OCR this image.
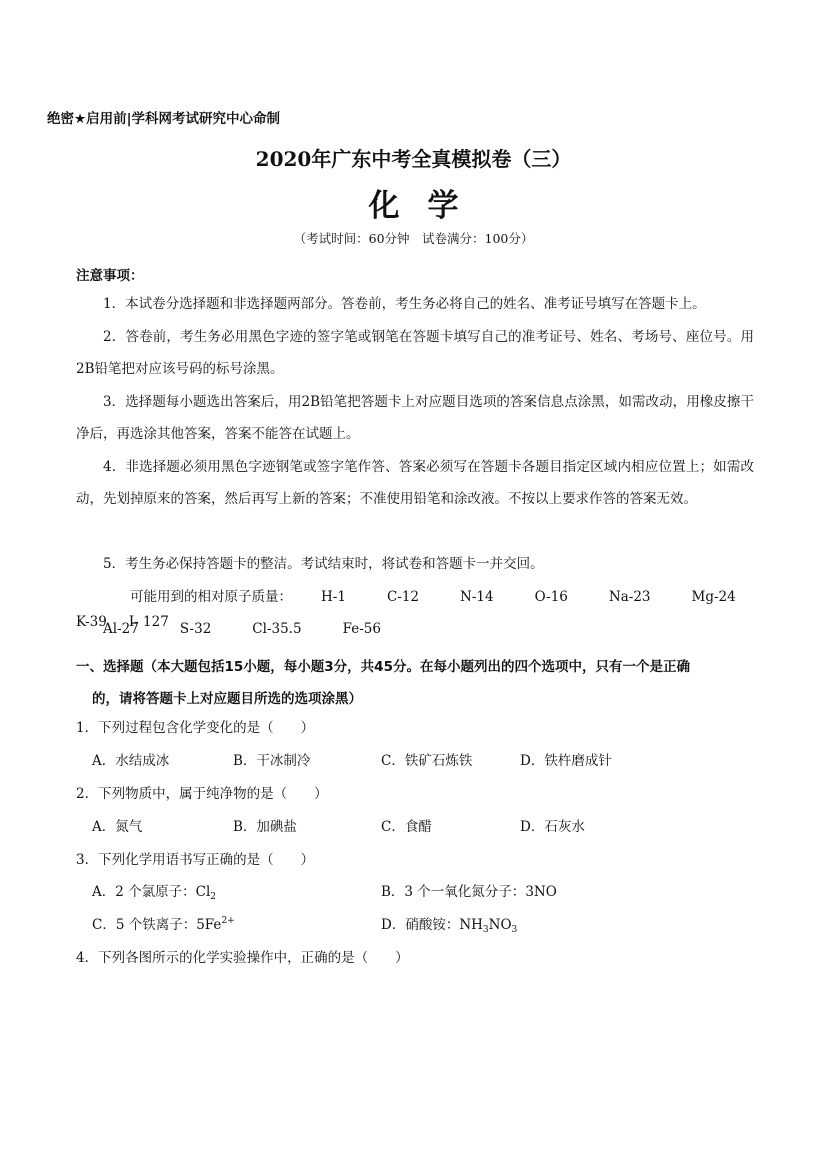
绝密★启用前|学科网考试研究中心命制
2020年广东中考全真模拟卷（三）
化学
（考试时间：60分钟　试卷满分：100分）
注意事项：
1．本试卷分选择题和非选择题两部分。答卷前，考生务必将自己的姓名、准考证号填写在答题卡上。
2．答卷前，考生务必用黑色字迹的签字笔或钢笔在答题卡填写自己的准考证号、姓名、考场号、座位号。用2B铅笔把对应该号码的标号涂黑。
3．选择题每小题选出答案后，用2B铅笔把答题卡上对应题目选项的答案信息点涂黑，如需改动，用橡皮擦干净后，再选涂其他答案，答案不能答在试题上。
4．非选择题必须用黑色字迹钢笔或签字笔作答、答案必须写在答题卡各题目指定区域内相应位置上；如需改动，先划掉原来的答案，然后再写上新的答案；不准使用铅笔和涂改液。不按以上要求作答的答案无效。
5．考生务必保持答题卡的整洁。考试结束时，将试卷和答题卡一并交回。
可能用到的相对原子质量： H-1	C-12	N-14	O-16	Na-23	Mg-24Al-27	S-32	Cl-35.5	Fe-56
K-39 I- 127
一、选择题（本大题包括15小题，每小题3分，共45分。在每小题列出的四个选项中，只有一个是正确
的，请将答题卡上对应题目所选的选项涂黑）
1．下列过程包含化学变化的是（　　）
A．水结成冰	B．干冰制冷	C．铁矿石炼铁	D．铁杵磨成针
2．下列物质中，属于纯净物的是（　　）
A．氮气	B．加碘盐	C．食醋	D．石灰水
3．下列化学用语书写正确的是（　　）
A．2 个氯原子：$Cl_2$	B．3 个一氧化氮分子：3NO
C．5 个铁离子：$5Fe^{2+}$	D．硝酸铵：$NH_3NO_3$
4．下列各图所示的化学实验操作中，正确的是（　　）
